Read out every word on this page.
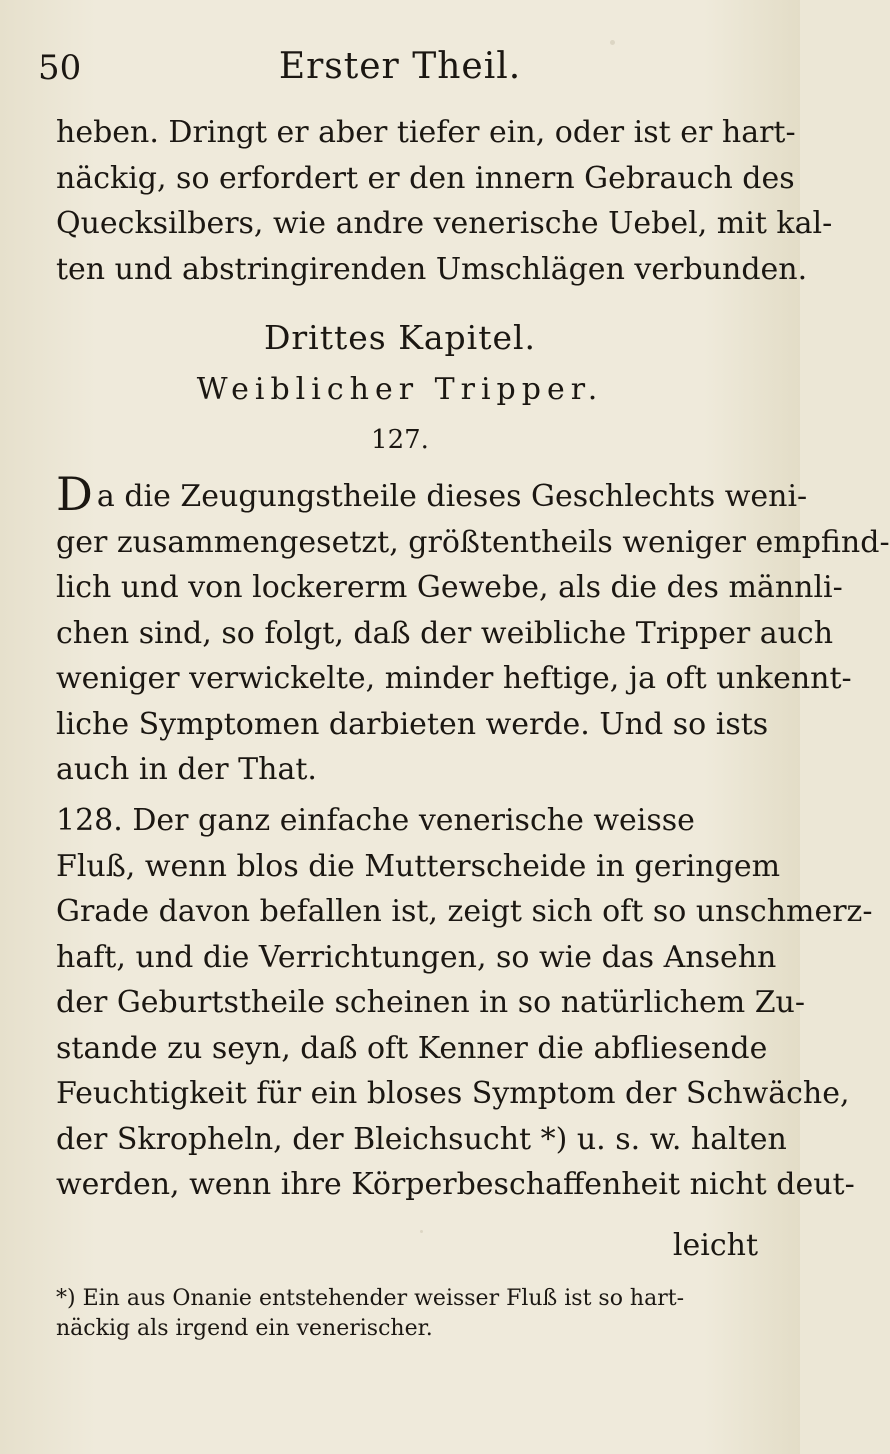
50	Erster Theil.
heben. Dringt er aber tiefer ein, oder ist er hart-
näckig, so erfordert er den innern Gebrauch des
Quecksilbers, wie andre venerische Uebel, mit kal-
ten und abstringirenden Umschlägen verbunden.
Drittes Kapitel.
Weiblicher Tripper.
127.
Da die Zeugungstheile dieses Geschlechts weni-
ger zusammengesetzt, größtentheils weniger empfind-
lich und von lockererm Gewebe, als die des männli-
chen sind, so folgt, daß der weibliche Tripper auch
weniger verwickelte, minder heftige, ja oft unkennt-
liche Symptomen darbieten werde. Und so ists
auch in der That.
128. Der ganz einfache venerische weisse
Fluß, wenn blos die Mutterscheide in geringem
Grade davon befallen ist, zeigt sich oft so unschmerz-
haft, und die Verrichtungen, so wie das Ansehn
der Geburtstheile scheinen in so natürlichem Zu-
stande zu seyn, daß oft Kenner die abfliesende
Feuchtigkeit für ein bloses Symptom der Schwäche,
der Skropheln, der Bleichsucht *) u. s. w. halten
werden, wenn ihre Körperbeschaffenheit nicht deut-
leicht
*) Ein aus Onanie entstehender weisser Fluß ist so hart-
näckig als irgend ein venerischer.
